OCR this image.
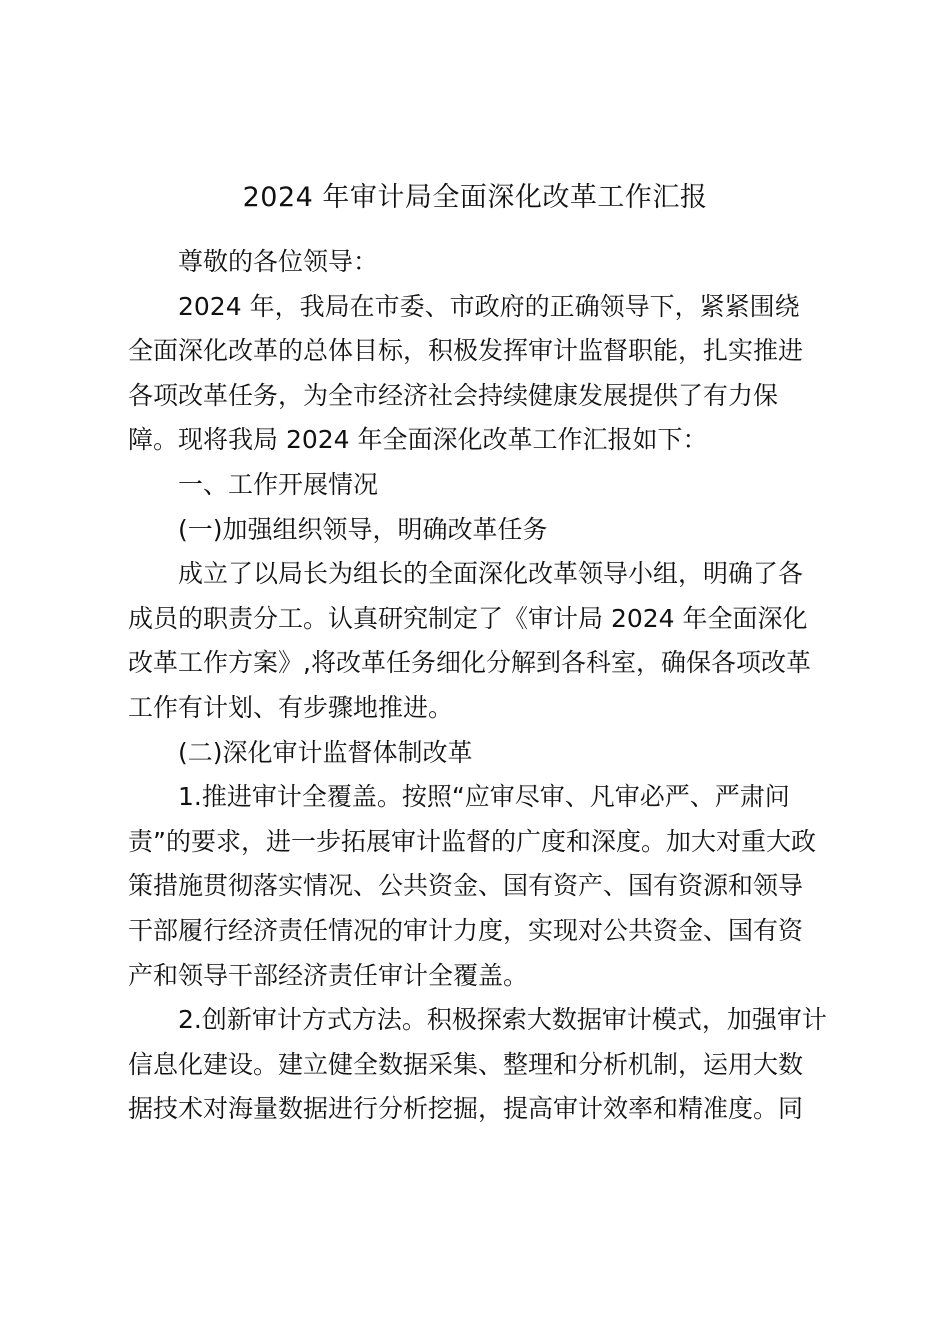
2024 年审计局全面深化改革工作汇报
尊敬的各位领导：
2024 年，我局在市委、市政府的正确领导下，紧紧围绕
全面深化改革的总体目标，积极发挥审计监督职能，扎实推进
各项改革任务，为全市经济社会持续健康发展提供了有力保
障。现将我局 2024 年全面深化改革工作汇报如下：
一、工作开展情况
(一)加强组织领导，明确改革任务
成立了以局长为组长的全面深化改革领导小组，明确了各
成员的职责分工。认真研究制定了《审计局 2024 年全面深化
改革工作方案》,将改革任务细化分解到各科室，确保各项改革
工作有计划、有步骤地推进。
(二)深化审计监督体制改革
1.推进审计全覆盖。按照“应审尽审、凡审必严、严肃问
责”的要求，进一步拓展审计监督的广度和深度。加大对重大政
策措施贯彻落实情况、公共资金、国有资产、国有资源和领导
干部履行经济责任情况的审计力度，实现对公共资金、国有资
产和领导干部经济责任审计全覆盖。
2.创新审计方式方法。积极探索大数据审计模式，加强审计
信息化建设。建立健全数据采集、整理和分析机制，运用大数
据技术对海量数据进行分析挖掘，提高审计效率和精准度。同
